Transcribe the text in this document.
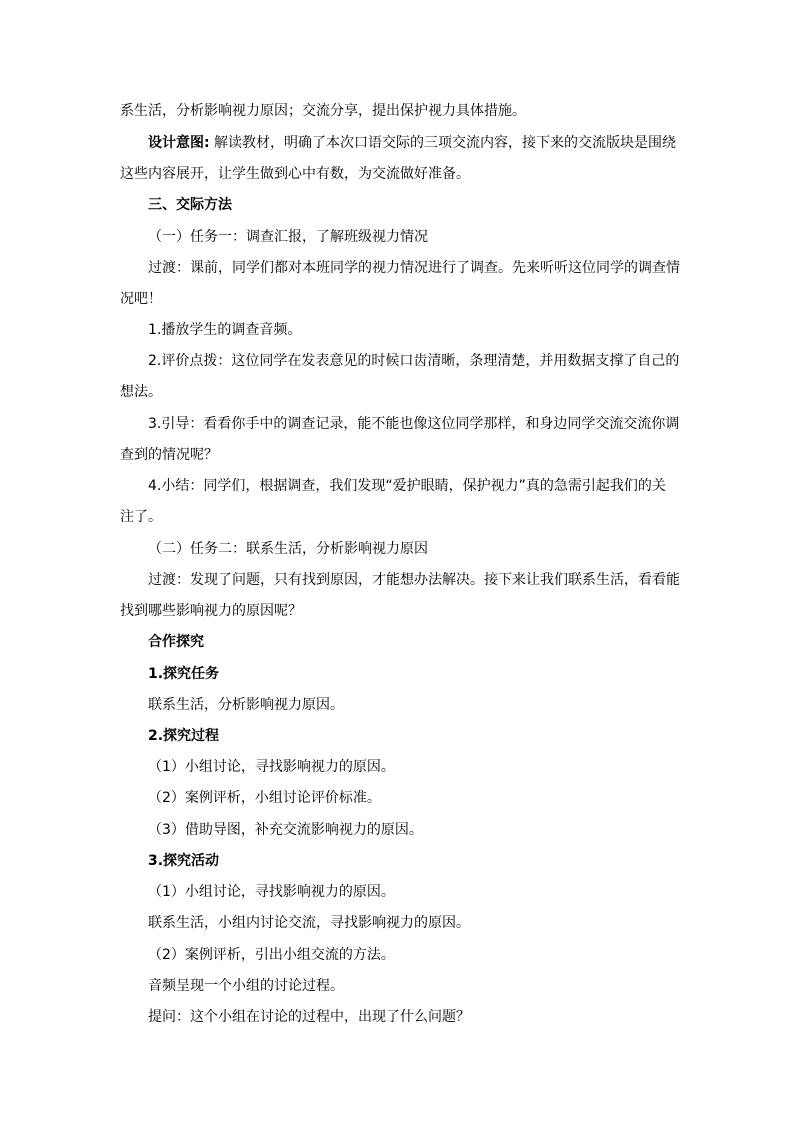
系生活，分析影响视力原因；交流分享，提出保护视力具体措施。
设计意图: 解读教材，明确了本次口语交际的三项交流内容，接下来的交流版块是围绕
这些内容展开，让学生做到心中有数，为交流做好准备。
三、交际方法
（一）任务一：调查汇报，了解班级视力情况
过渡：课前，同学们都对本班同学的视力情况进行了调查。先来听听这位同学的调查情
况吧！
1.播放学生的调查音频。
2.评价点拨：这位同学在发表意见的时候口齿清晰，条理清楚，并用数据支撑了自己的
想法。
3.引导：看看你手中的调查记录，能不能也像这位同学那样，和身边同学交流交流你调
查到的情况呢？
4.小结：同学们，根据调查，我们发现“爱护眼睛，保护视力”真的急需引起我们的关
注了。
（二）任务二：联系生活，分析影响视力原因
过渡：发现了问题，只有找到原因，才能想办法解决。接下来让我们联系生活，看看能
找到哪些影响视力的原因呢？
合作探究
1.探究任务
联系生活，分析影响视力原因。
2.探究过程
（1）小组讨论，寻找影响视力的原因。
（2）案例评析，小组讨论评价标准。
（3）借助导图，补充交流影响视力的原因。
3.探究活动
（1）小组讨论，寻找影响视力的原因。
联系生活，小组内讨论交流，寻找影响视力的原因。
（2）案例评析，引出小组交流的方法。
音频呈现一个小组的讨论过程。
提问：这个小组在讨论的过程中，出现了什么问题？
